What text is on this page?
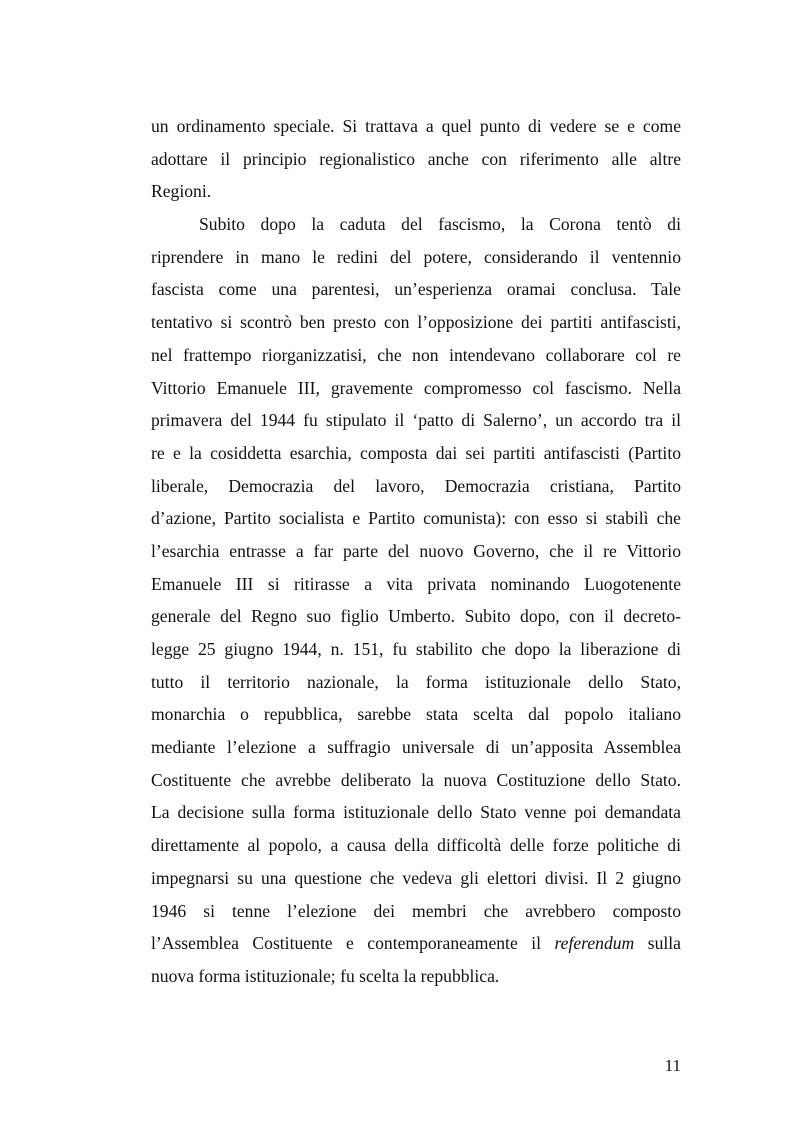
un ordinamento speciale. Si trattava a quel punto di vedere se e come
adottare il principio regionalistico anche con riferimento alle altre
Regioni.
Subito dopo la caduta del fascismo, la Corona tentò di
riprendere in mano le redini del potere, considerando il ventennio
fascista come una parentesi, un’esperienza oramai conclusa. Tale
tentativo si scontrò ben presto con l’opposizione dei partiti antifascisti,
nel frattempo riorganizzatisi, che non intendevano collaborare col re
Vittorio Emanuele III, gravemente compromesso col fascismo. Nella
primavera del 1944 fu stipulato il ‘patto di Salerno’, un accordo tra il
re e la cosiddetta esarchia, composta dai sei partiti antifascisti (Partito
liberale, Democrazia del lavoro, Democrazia cristiana, Partito
d’azione, Partito socialista e Partito comunista): con esso si stabilì che
l’esarchia entrasse a far parte del nuovo Governo, che il re Vittorio
Emanuele III si ritirasse a vita privata nominando Luogotenente
generale del Regno suo figlio Umberto. Subito dopo, con il decreto-
legge 25 giugno 1944, n. 151, fu stabilito che dopo la liberazione di
tutto il territorio nazionale, la forma istituzionale dello Stato,
monarchia o repubblica, sarebbe stata scelta dal popolo italiano
mediante l’elezione a suffragio universale di un’apposita Assemblea
Costituente che avrebbe deliberato la nuova Costituzione dello Stato.
La decisione sulla forma istituzionale dello Stato venne poi demandata
direttamente al popolo, a causa della difficoltà delle forze politiche di
impegnarsi su una questione che vedeva gli elettori divisi. Il 2 giugno
1946 si tenne l’elezione dei membri che avrebbero composto
l’Assemblea Costituente e contemporaneamente il referendum sulla
nuova forma istituzionale; fu scelta la repubblica.
11
